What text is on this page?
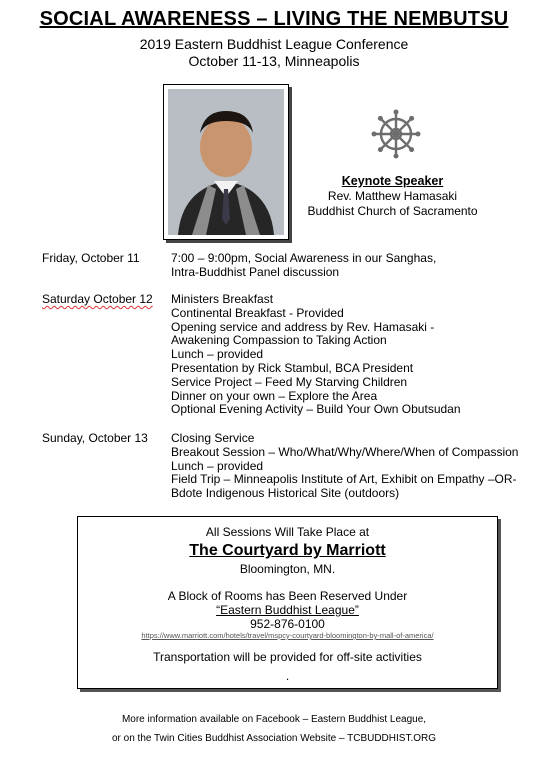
SOCIAL AWARENESS – LIVING THE NEMBUTSU
2019 Eastern Buddhist League Conference
October 11-13, Minneapolis
Keynote Speaker
Rev. Matthew Hamasaki
Buddhist Church of Sacramento
Friday, October 11	7:00 – 9:00pm, Social Awareness in our Sanghas,
Intra-Buddhist Panel discussion
Saturday October 12 Ministers Breakfast
Continental Breakfast - Provided
Opening service and address by Rev. Hamasaki -
Awakening Compassion to Taking Action
Lunch – provided
Presentation by Rick Stambul, BCA President
Service Project – Feed My Starving Children
Dinner on your own – Explore the Area
Optional Evening Activity – Build Your Own Obutsudan
Sunday, October 13 Closing Service
Breakout Session – Who/What/Why/Where/When of Compassion
Lunch – provided
Field Trip – Minneapolis Institute of Art, Exhibit on Empathy –OR-
Bdote Indigenous Historical Site (outdoors)
All Sessions Will Take Place at
The Courtyard by Marriott
Bloomington, MN.
A Block of Rooms has Been Reserved Under
“Eastern Buddhist League”
952-876-0100
https://www.marriott.com/hotels/travel/mspcy-courtyard-bloomington-by-mall-of-america/
Transportation will be provided for off-site activities
.
More information available on Facebook – Eastern Buddhist League,
or on the Twin Cities Buddhist Association Website – TCBUDDHIST.ORG
